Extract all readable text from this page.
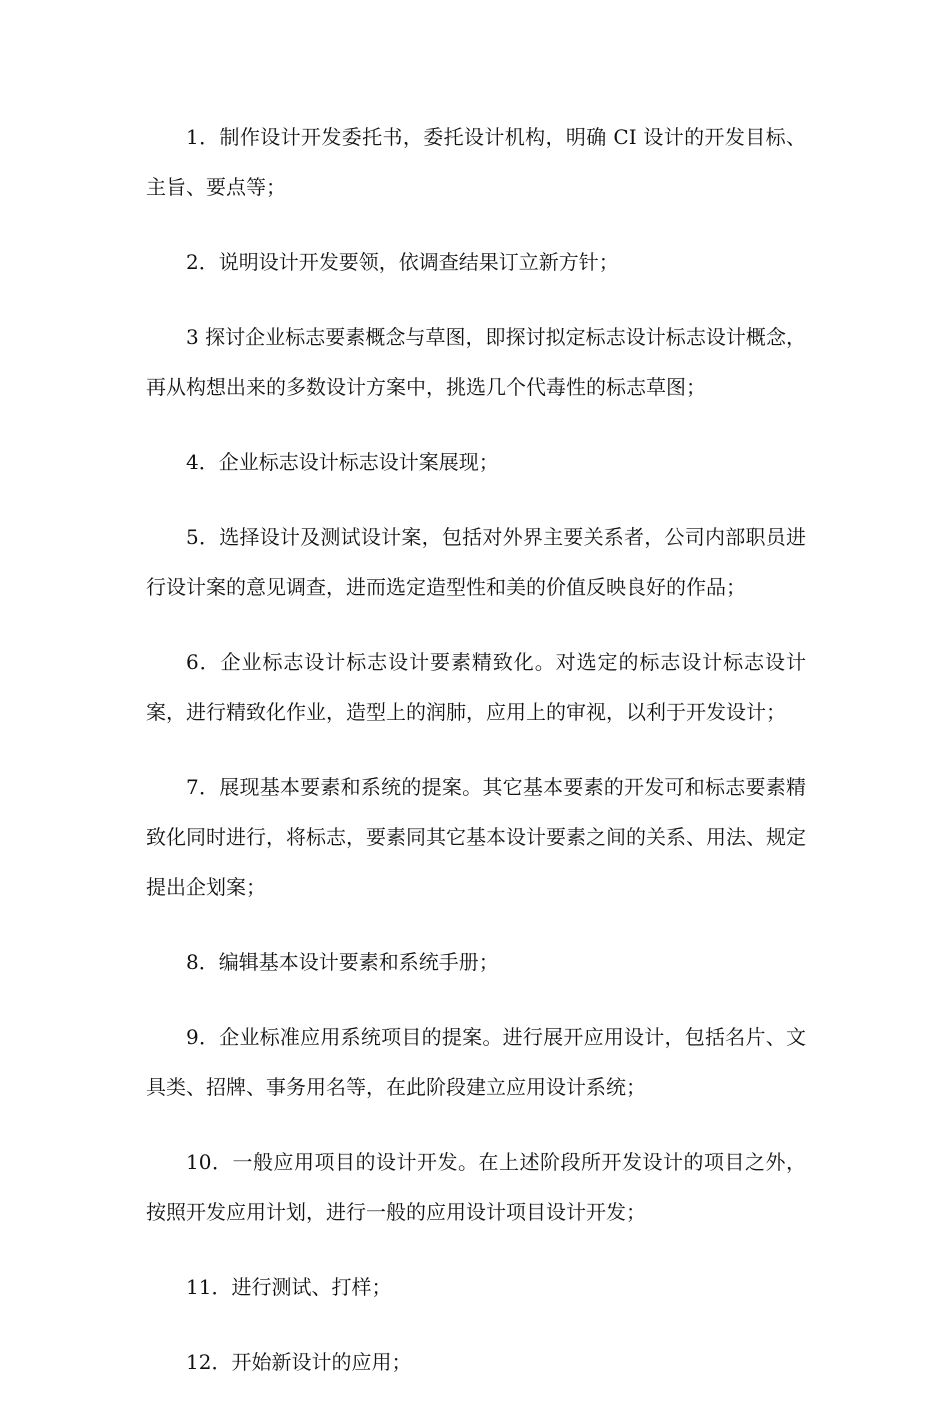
1．制作设计开发委托书，委托设计机构，明确 CI 设计的开发目标、主旨、要点等；

2．说明设计开发要领，依调查结果订立新方针；

3 探讨企业标志要素概念与草图，即探讨拟定标志设计标志设计概念，再从构想出来的多数设计方案中，挑选几个代毒性的标志草图；

4．企业标志设计标志设计案展现；

5．选择设计及测试设计案，包括对外界主要关系者，公司内部职员进行设计案的意见调查，进而选定造型性和美的价值反映良好的作品；

6．企业标志设计标志设计要素精致化。对选定的标志设计标志设计案，进行精致化作业，造型上的润肺，应用上的审视，以利于开发设计；

7．展现基本要素和系统的提案。其它基本要素的开发可和标志要素精致化同时进行，将标志，要素同其它基本设计要素之间的关系、用法、规定提出企划案；

8．编辑基本设计要素和系统手册；

9．企业标准应用系统项目的提案。进行展开应用设计，包括名片、文具类、招牌、事务用名等，在此阶段建立应用设计系统；

10．一般应用项目的设计开发。在上述阶段所开发设计的项目之外，按照开发应用计划，进行一般的应用设计项目设计开发；

11．进行测试、打样；

12．开始新设计的应用；
